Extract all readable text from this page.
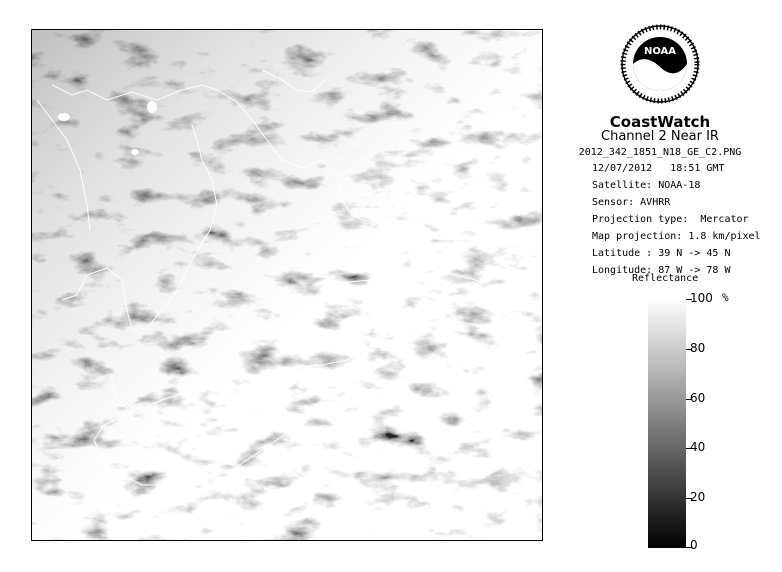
NOAA
CoastWatch
Channel 2 Near IR
2012_342_1851_N18_GE_C2.PNG
12/07/2012   18:51 GMT
Satellite: NOAA-18
Sensor: AVHRR
Projection type:  Mercator
Map projection: 1.8 km/pixel
Latitude : 39 N -> 45 N
Longitude: 87 W -> 78 W
Reflectance
%
100
80
60
40
20
0
